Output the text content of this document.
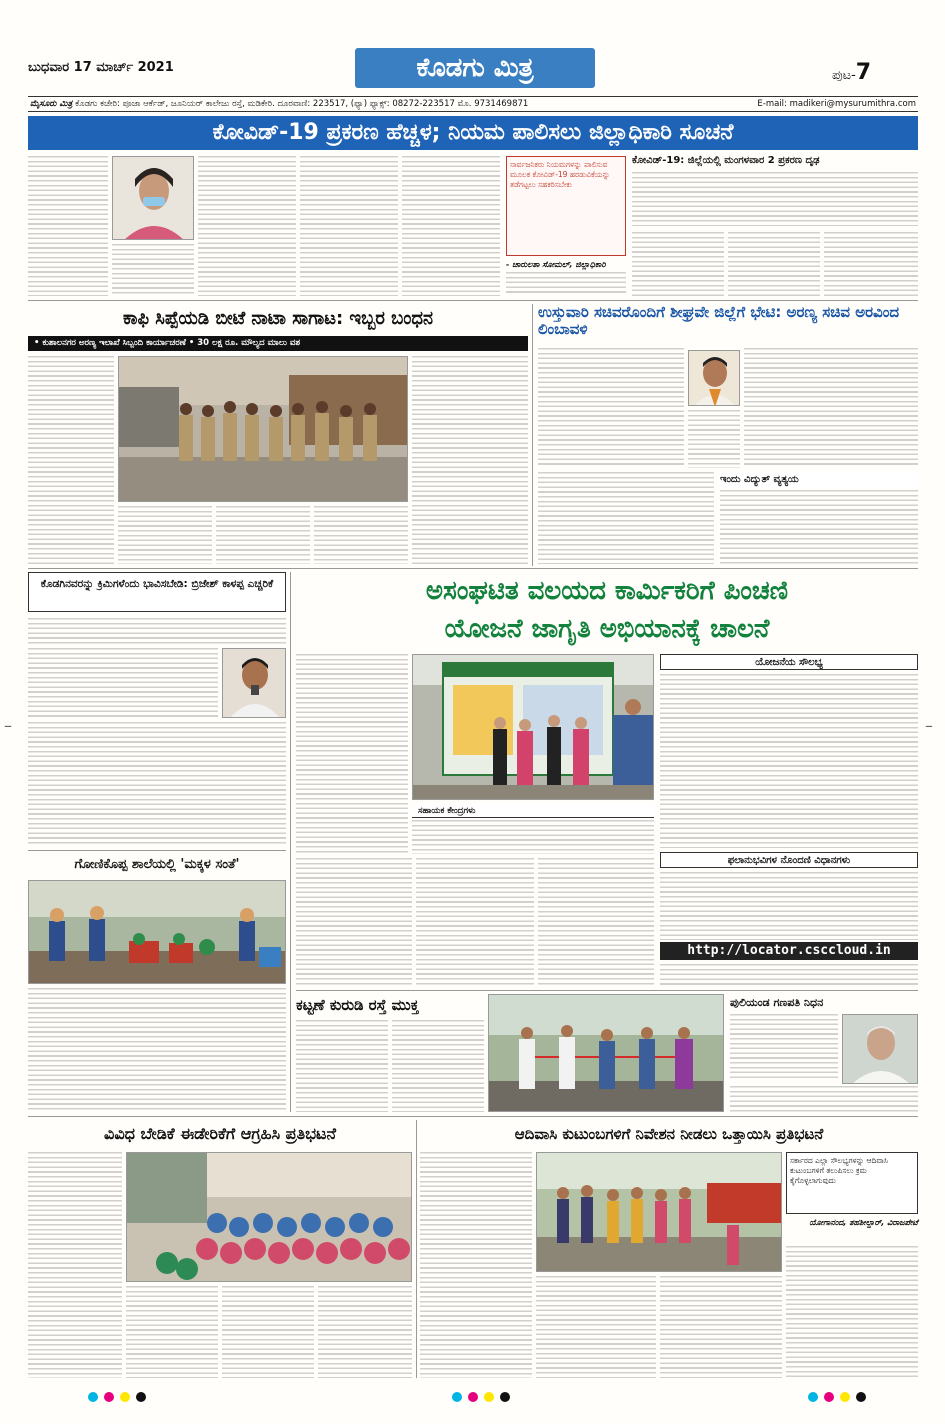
–	–
ಬುಧವಾರ 17 ಮಾರ್ಚ್ 2021	ಕೊಡಗು ಮಿತ್ರ	ಪುಟ-7
ಮೈಸೂರು ಮಿತ್ರ ಕೊಡಗು ಕಚೇರಿ: ಪೂಜಾ ಆರ್ಕೆಡ್, ಜೂನಿಯರ್ ಕಾಲೇಜು ರಸ್ತೆ, ಮಡಿಕೇರಿ. ದೂರವಾಣಿ: 223517, (ಫ್ಯಾ) ಫ್ಯಾಕ್ಸ್: 08272-223517 ಮೊ. 9731469871	E-mail: madikeri@mysurumithra.com
ಕೋವಿಡ್-19 ಪ್ರಕರಣ ಹೆಚ್ಚಳ; ನಿಯಮ ಪಾಲಿಸಲು ಜಿಲ್ಲಾಧಿಕಾರಿ ಸೂಚನೆ
ಸಾರ್ವಜನಿಕರು ನಿಯಮಗಳನ್ನು ಪಾಲಿಸುವ ಮೂಲಕ ಕೋವಿಡ್-19 ಹರಡುವಿಕೆಯನ್ನು ತಡೆಗಟ್ಟಲು ಸಹಕರಿಸಬೇಕು
- ಚಾರುಲತಾ ಸೋಮಲ್, ಜಿಲ್ಲಾಧಿಕಾರಿ
ಕೋವಿಡ್-19: ಜಿಲ್ಲೆಯಲ್ಲಿ ಮಂಗಳವಾರ 2 ಪ್ರಕರಣ ದೃಢ
ಕಾಫಿ ಸಿಪ್ಪೆಯಡಿ ಬೀಟೆ ನಾಟಾ ಸಾಗಾಟ: ಇಬ್ಬರ ಬಂಧನ
• ಕುಶಾಲನಗರ ಅರಣ್ಯ ಇಲಾಖೆ ಸಿಬ್ಬಂದಿ ಕಾರ್ಯಾಚರಣೆ • 30 ಲಕ್ಷ ರೂ. ಮೌಲ್ಯದ ಮಾಲು ವಶ
ಉಸ್ತುವಾರಿ ಸಚಿವರೊಂದಿಗೆ ಶೀಘ್ರವೇ ಜಿಲ್ಲೆಗೆ ಭೇಟಿ: ಅರಣ್ಯ ಸಚಿವ ಅರವಿಂದ ಲಿಂಬಾವಳಿ
ಇಂದು ವಿದ್ಯುತ್ ವ್ಯತ್ಯಯ
ಕೊಡಗಿನವರನ್ನು ಕ್ರಿಮಿಗಳೆಂದು ಭಾವಿಸಬೇಡಿ: ಬ್ರಿಜೇಶ್ ಕಾಳಪ್ಪ ಎಚ್ಚರಿಕೆ
ಗೋಣಿಕೊಪ್ಪ ಶಾಲೆಯಲ್ಲಿ 'ಮಕ್ಕಳ ಸಂತೆ'
ಅಸಂಘಟಿತ ವಲಯದ ಕಾರ್ಮಿಕರಿಗೆ ಪಿಂಚಣಿ
ಯೋಜನೆ ಜಾಗೃತಿ ಅಭಿಯಾನಕ್ಕೆ ಚಾಲನೆ
ಸಹಾಯಕ ಕೇಂದ್ರಗಳು
ಯೋಜನೆಯ ಸೌಲಭ್ಯ
ಫಲಾನುಭವಿಗಳ ನೊಂದಣಿ ವಿಧಾನಗಳು
http://locator.csccloud.in
ಕಟ್ಟಣೆ ಕುರುಡಿ ರಸ್ತೆ ಮುಕ್ತ	ಪುಲಿಯಂಡ ಗಣಪತಿ ನಿಧನ
ವಿವಿಧ ಬೇಡಿಕೆ ಈಡೇರಿಕೆಗೆ ಆಗ್ರಹಿಸಿ ಪ್ರತಿಭಟನೆ	ಆದಿವಾಸಿ ಕುಟುಂಬಗಳಿಗೆ ನಿವೇಶನ ನೀಡಲು ಒತ್ತಾಯಿಸಿ ಪ್ರತಿಭಟನೆ
ಸರ್ಕಾರದ ಎಲ್ಲಾ ಸೌಲಭ್ಯಗಳನ್ನು ಆದಿವಾಸಿ ಕುಟುಂಬಗಳಿಗೆ ತಲುಪಿಸಲು ಕ್ರಮ ಕೈಗೊಳ್ಳಲಾಗುವುದು
ಯೋಗಾನಂದ, ತಹಶೀಲ್ದಾರ್, ವಿರಾಜಪೇಟೆ
